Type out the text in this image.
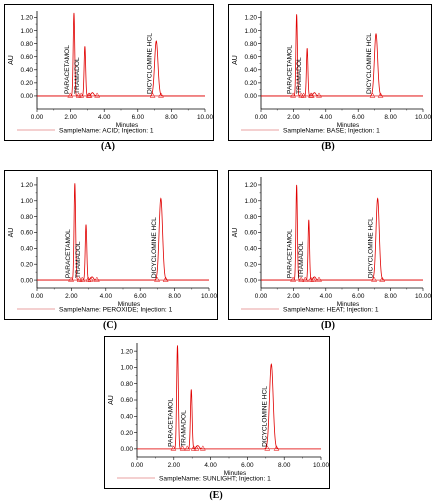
AU
0.00
0.20
0.40
0.60
0.80
1.00
1.20
0.00	2.00	4.00	6.00	8.00	10.00
Minutes
PARACETAMOL TRAMADOL	DICYCLOMINE HCL
SampleName: ACID; Injection: 1
(A)
AU
0.00
0.20
0.40
0.60
0.80
1.00
1.20
0.00	2.00	4.00	6.00	8.00	10.00
Minutes
PARACETAMOL TRAMADOL	DICYCLOMINE HCL
SampleName: BASE; Injection: 1
(B)
AU
0.00
0.20
0.40
0.60
0.80
1.00
1.20
0.00	2.00	4.00	6.00	8.00	10.00
Minutes
PARACETAMOL TRAMADOL	DICYCLOMINE HCL
SampleName: PEROXIDE; Injection: 1
(C)
AU
0.00
0.20
0.40
0.60
0.80
1.00
1.20
0.00	2.00	4.00	6.00	8.00	10.00
Minutes
PARACETAMOL TRAMADOL	DICYCLOMINE HCL
SampleName: HEAT; Injection: 1
(D)
AU
0.00
0.20
0.40
0.60
0.80
1.00
1.20
0.00	2.00	4.00	6.00	8.00	10.00
Minutes
PARACETAMOL TRAMADOL	DICYCLOMINE HCL
SampleName: SUNLIGHT; Injection: 1
(E)
